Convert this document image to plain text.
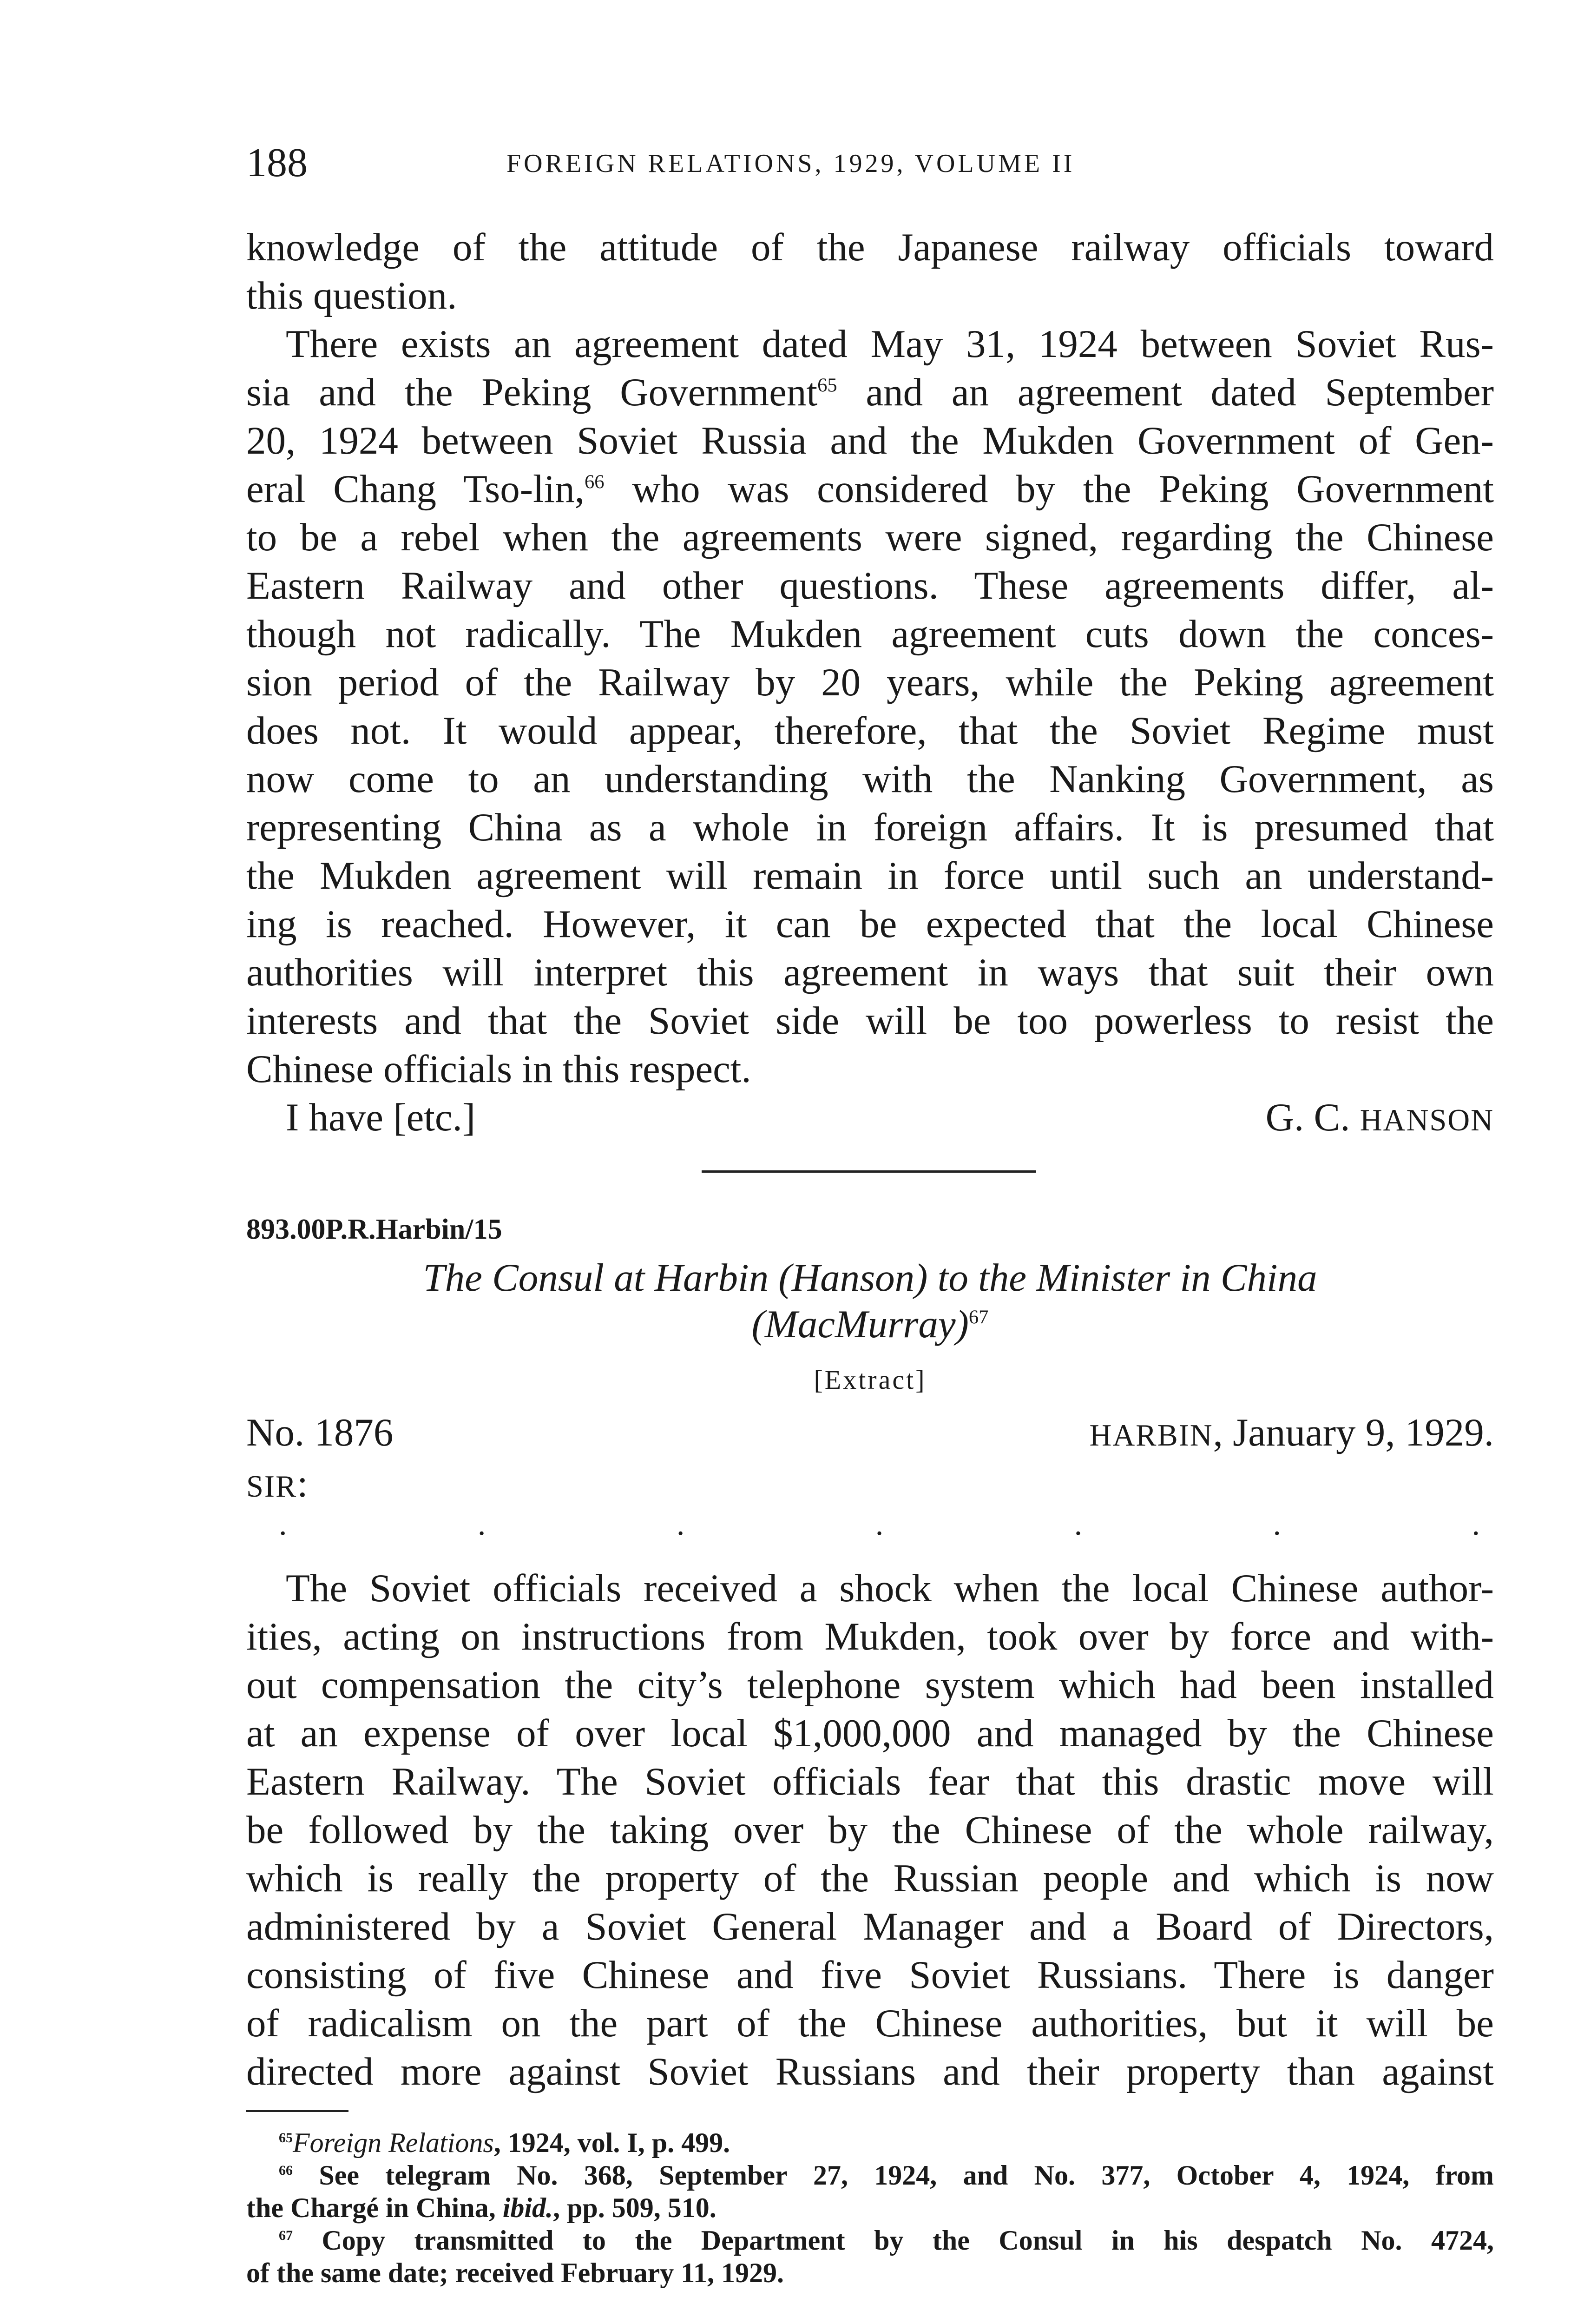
188	FOREIGN RELATIONS, 1929, VOLUME II
knowledge of the attitude of the Japanese railway officials toward
this question.
There exists an agreement dated May 31, 1924 between Soviet Rus-
sia and the Peking Government$^{65}$ and an agreement dated September
20, 1924 between Soviet Russia and the Mukden Government of Gen-
eral Chang Tso-lin,$^{66}$ who was considered by the Peking Government
to be a rebel when the agreements were signed, regarding the Chinese
Eastern Railway and other questions. These agreements differ, al-
though not radically. The Mukden agreement cuts down the conces-
sion period of the Railway by 20 years, while the Peking agreement
does not. It would appear, therefore, that the Soviet Regime must
now come to an understanding with the Nanking Government, as
representing China as a whole in foreign affairs. It is presumed that
the Mukden agreement will remain in force until such an understand-
ing is reached. However, it can be expected that the local Chinese
authorities will interpret this agreement in ways that suit their own
interests and that the Soviet side will be too powerless to resist the
Chinese officials in this respect.
I have [etc.]	G. C. HANSON
893.00P.R.Harbin/15
The Consul at Harbin (Hanson) to the Minister in China
(MacMurray)$^{67}$
[Extract]
No. 1876	HARBIN, January 9, 1929.
SIR:
.	.	.	.	.	.	.
The Soviet officials received a shock when the local Chinese author-
ities, acting on instructions from Mukden, took over by force and with-
out compensation the city’s telephone system which had been installed
at an expense of over local $1,000,000 and managed by the Chinese
Eastern Railway. The Soviet officials fear that this drastic move will
be followed by the taking over by the Chinese of the whole railway,
which is really the property of the Russian people and which is now
administered by a Soviet General Manager and a Board of Directors,
consisting of five Chinese and five Soviet Russians. There is danger
of radicalism on the part of the Chinese authorities, but it will be
directed more against Soviet Russians and their property than against
$^{65}$Foreign Relations, 1924, vol. I, p. 499.
$^{66}$ See telegram No. 368, September 27, 1924, and No. 377, October 4, 1924, from
the Chargé in China, ibid., pp. 509, 510.
$^{67}$ Copy transmitted to the Department by the Consul in his despatch No. 4724,
of the same date; received February 11, 1929.
